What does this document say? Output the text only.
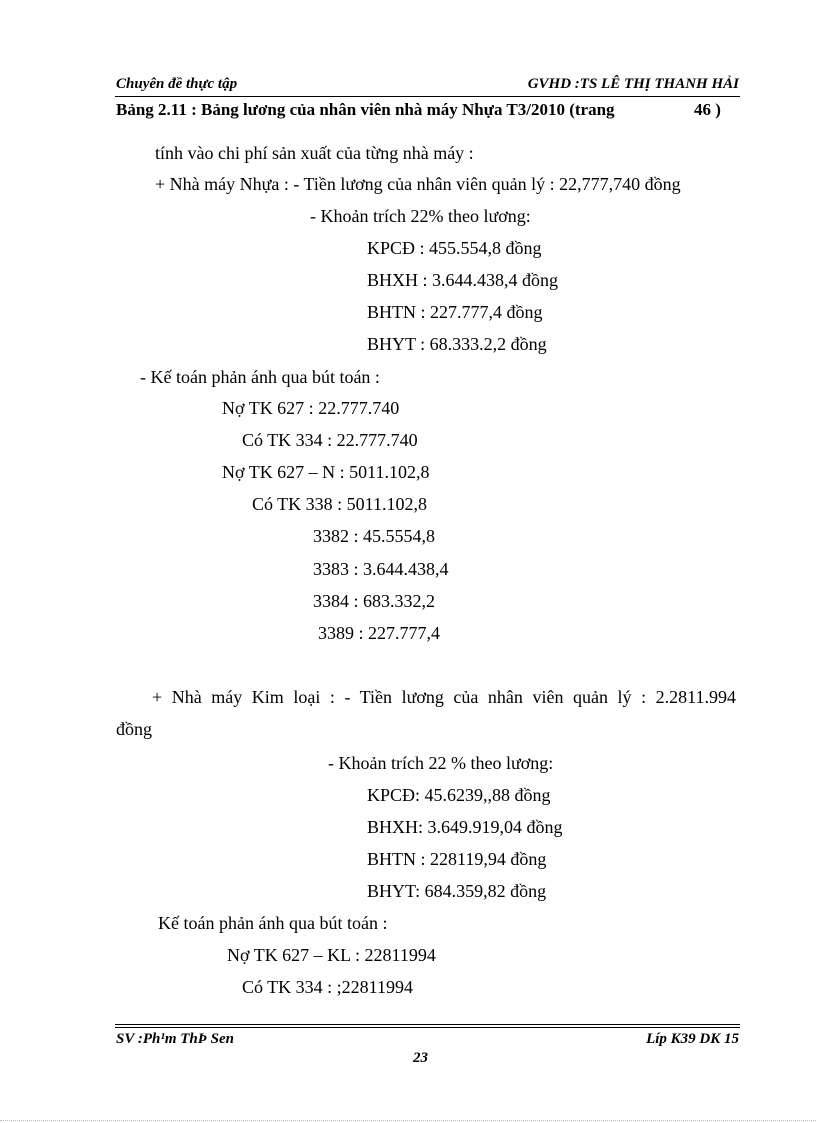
Chuyên đề thực tập	GVHD :TS LÊ THỊ THANH HẢI
Bảng 2.11 : Bảng lương của nhân viên nhà máy Nhựa T3/2010 (trang	46 )
tính vào chi phí sản xuất của từng nhà máy :
+ Nhà máy Nhựa : - Tiền lương của nhân viên quản lý : 22,777,740 đồng
- Khoản trích 22% theo lương:
KPCĐ : 455.554,8 đồng
BHXH : 3.644.438,4 đồng
BHTN : 227.777,4 đồng
BHYT : 68.333.2,2 đồng
- Kế toán phản ánh qua bút toán :
Nợ TK 627 : 22.777.740
Có TK 334 : 22.777.740
Nợ TK 627 – N : 5011.102,8
Có TK 338 : 5011.102,8
3382 : 45.5554,8
3383 : 3.644.438,4
3384 : 683.332,2
3389 : 227.777,4
+ Nhà máy Kim loại : - Tiền lương của nhân viên quản lý : 2.2811.994
đồng
- Khoản trích 22 % theo lương:
KPCĐ: 45.6239,,88 đồng
BHXH: 3.649.919,04 đồng
BHTN : 228119,94 đồng
BHYT: 684.359,82 đồng
Kế toán phản ánh qua bút toán :
Nợ TK 627 – KL : 22811994
Có TK 334 : ;22811994
SV :Ph¹m ThÞ Sen	Líp K39 DK 15
23
